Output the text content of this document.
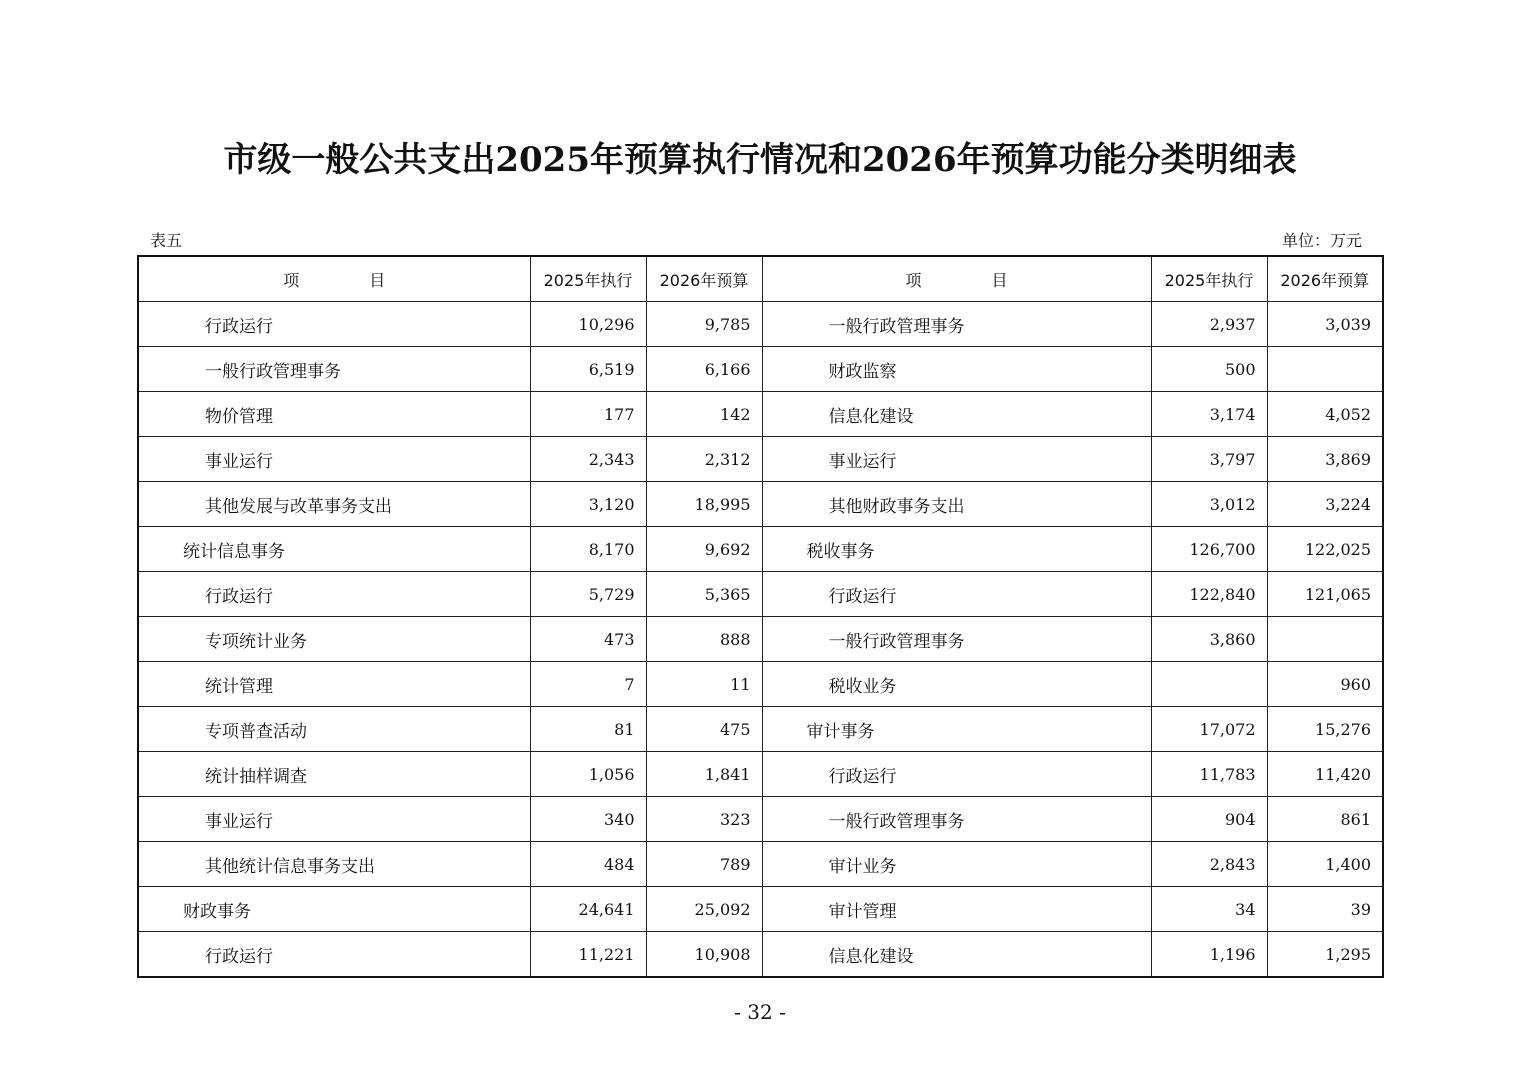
市级一般公共支出2025年预算执行情况和2026年预算功能分类明细表
表五	单位：万元
项 目	2025年执行	2026年预算	项 目	2025年执行	2026年预算
行政运行	10,296	9,785	一般行政管理事务	2,937	3,039
一般行政管理事务	6,519	6,166	财政监察	500	
物价管理	177	142	信息化建设	3,174	4,052
事业运行	2,343	2,312	事业运行	3,797	3,869
其他发展与改革事务支出	3,120	18,995	其他财政事务支出	3,012	3,224
统计信息事务	8,170	9,692	税收事务	126,700	122,025
行政运行	5,729	5,365	行政运行	122,840	121,065
专项统计业务	473	888	一般行政管理事务	3,860	
统计管理	7	11	税收业务		960
专项普查活动	81	475	审计事务	17,072	15,276
统计抽样调查	1,056	1,841	行政运行	11,783	11,420
事业运行	340	323	一般行政管理事务	904	861
其他统计信息事务支出	484	789	审计业务	2,843	1,400
财政事务	24,641	25,092	审计管理	34	39
行政运行	11,221	10,908	信息化建设	1,196	1,295
- 32 -
